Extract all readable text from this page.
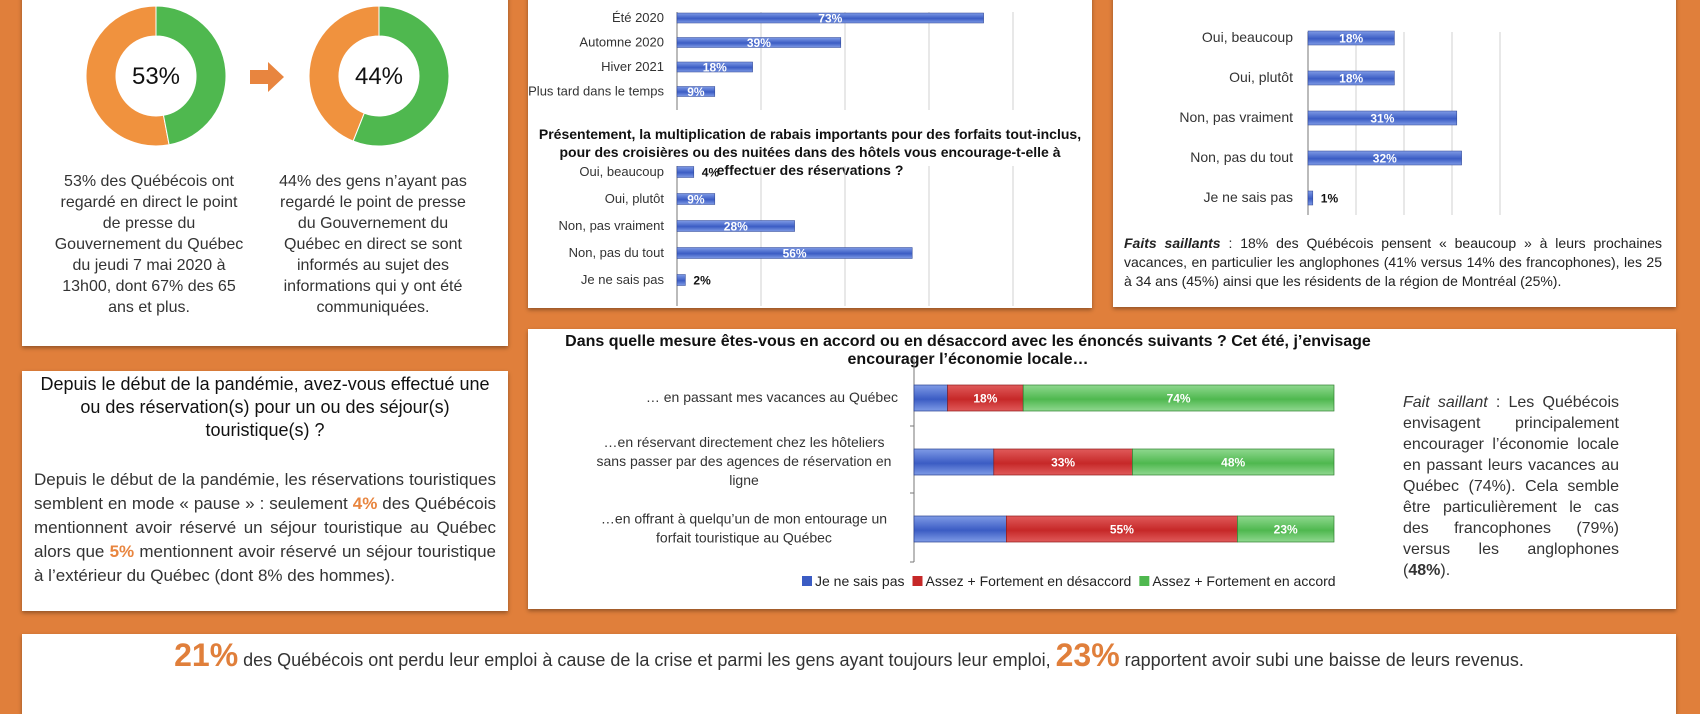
53%	44%
53% des Québécois ont regardé en direct le point de presse du Gouvernement du Québec du jeudi 7 mai 2020 à 13h00, dont 67% des 65 ans et plus.
44% des gens n’ayant pas regardé le point de presse du Gouvernement du Québec en direct se sont informés au sujet des informations qui y ont été communiquées.
Été 2020	73%
Automne 2020	39%
Hiver 2021	18%
Plus tard dans le temps 9%
Présentement, la multiplication de rabais importants pour des forfaits tout-inclus, pour des croisières ou des nuitées dans des hôtels vous encourage-t-elle à effectuer des réservations ?
Oui, beaucoup	4%
Oui, plutôt 9%
Non, pas vraiment	28%
Non, pas du tout	56%
Je ne sais pas 2%
Oui, beaucoup	18%
Oui, plutôt	18%
Non, pas vraiment	31%
Non, pas du tout	32%
Je ne sais pas 1%
Faits saillants : 18% des Québécois pensent « beaucoup » à leurs prochaines vacances, en particulier les anglophones (41% versus 14% des francophones), les 25 à 34 ans (45%) ainsi que les résidents de la région de Montréal (25%).
Depuis le début de la pandémie, avez-vous effectué une ou des réservation(s) pour un ou des séjour(s) touristique(s) ?
Depuis le début de la pandémie, les réservations touristiques semblent en mode « pause » : seulement 4% des Québécois mentionnent avoir réservé un séjour touristique au Québec alors que 5% mentionnent avoir réservé un séjour touristique à l’extérieur du Québec (dont 8% des hommes).
Dans quelle mesure êtes-vous en accord ou en désaccord avec les énoncés suivants ? Cet été, j’envisage encourager l’économie locale…
… en passant mes vacances au Québec	18%	74%
…en réservant directement chez les hôteliers
sans passer par des agences de réservation en
ligne
33%	48%
…en offrant à quelqu’un de mon entourage un
forfait touristique au Québec	55%	23%
Je ne sais pas Assez + Fortement en désaccord Assez + Fortement en accord
Fait saillant : Les Québécois envisagent principalement encourager l’économie locale en passant leurs vacances au Québec (74%). Cela semble être particulièrement le cas des francophones (79%) versus les anglophones (48%).
21% des Québécois ont perdu leur emploi à cause de la crise et parmi les gens ayant toujours leur emploi, 23% rapportent avoir subi une baisse de leurs revenus.
